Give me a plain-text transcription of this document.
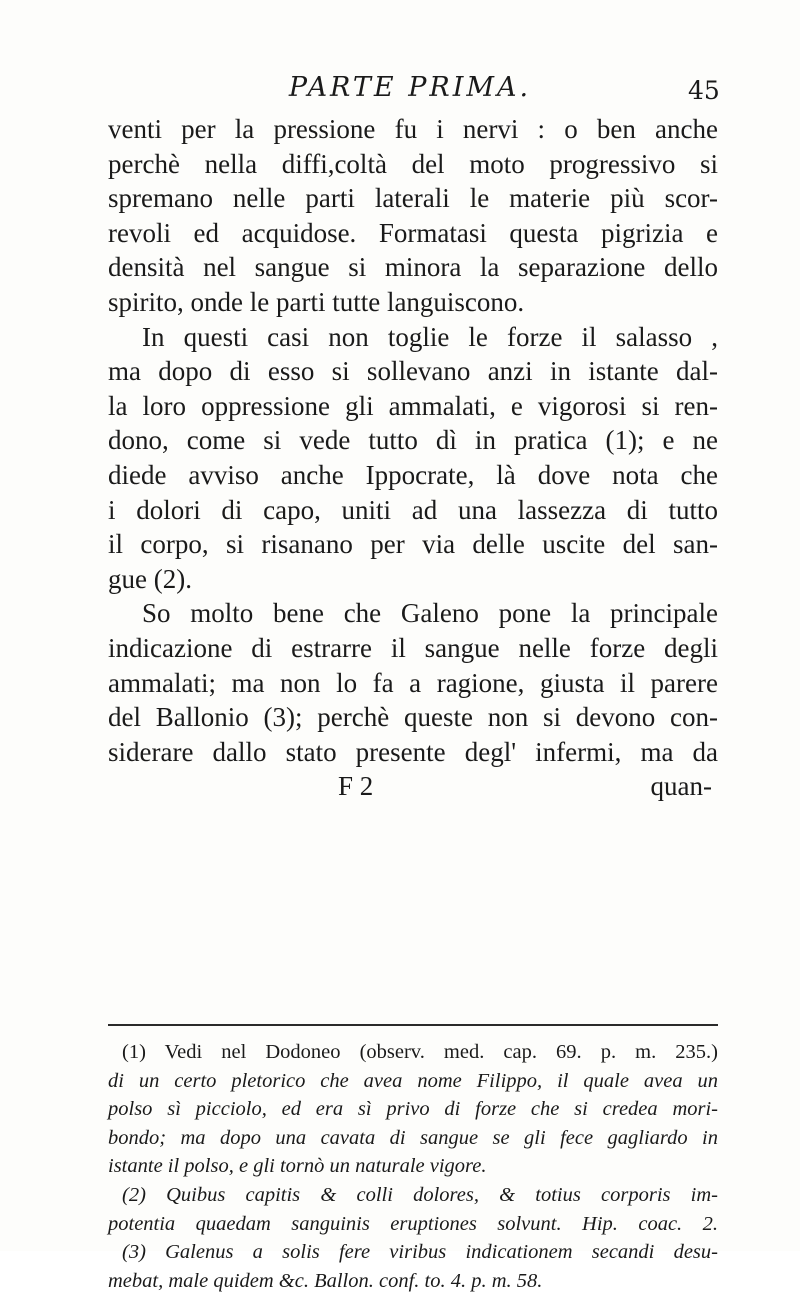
PARTE PRIMA.	45
venti per la pressione fu i nervi : o ben anche
perchè nella diffi,coltà del moto progressivo si
spremano nelle parti laterali le materie più scor-
revoli ed acquidose. Formatasi questa pigrizia e
densità nel sangue si minora la separazione dello
spirito, onde le parti tutte languiscono.
In questi casi non toglie le forze il salasso ,
ma dopo di esso si sollevano anzi in istante dal-
la loro oppressione gli ammalati, e vigorosi si ren-
dono, come si vede tutto dì in pratica (1); e ne
diede avviso anche Ippocrate, là dove nota che
i dolori di capo, uniti ad una lassezza di tutto
il corpo, si risanano per via delle uscite del san-
gue (2).
So molto bene che Galeno pone la principale
indicazione di estrarre il sangue nelle forze degli
ammalati; ma non lo fa a ragione, giusta il parere
del Ballonio (3); perchè queste non si devono con-
siderare dallo stato presente degl' infermi, ma da
F 2	quan-
(1) Vedi nel Dodoneo (observ. med. cap. 69. p. m. 235.)
di un certo pletorico che avea nome Filippo, il quale avea un
polso sì picciolo, ed era sì privo di forze che si credea mori-
bondo; ma dopo una cavata di sangue se gli fece gagliardo in
istante il polso, e gli tornò un naturale vigore.
(2) Quibus capitis & colli dolores, & totius corporis im-
potentia quaedam sanguinis eruptiones solvunt. Hip. coac. 2.
(3) Galenus a solis fere viribus indicationem secandi desu-
mebat, male quidem &c. Ballon. conf. to. 4. p. m. 58.
